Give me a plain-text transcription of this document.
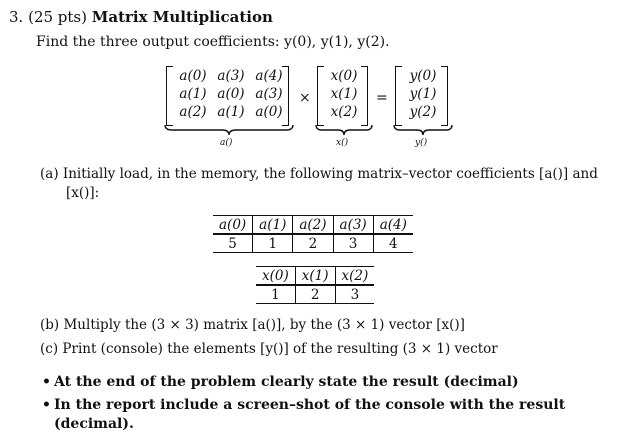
3. (25 pts) Matrix Multiplication
Find the three output coefficients: y(0), y(1), y(2).
a(0) a(3) a(4)
a(1) a(0) a(3)
a(2) a(1) a(0)
×
x(0)
x(1)
x(2)
=
y(0)
y(1)
y(2)
a()	x()	y()
(a) Initially load, in the memory, the following matrix–vector coefficients [a()] and
[x()]:
a(0)	a(1)	a(2)	a(3)	a(4)
5	1	2	3	4
x(0)	x(1)	x(2)
1	2	3
(b) Multiply the (3 × 3) matrix [a()], by the (3 × 1) vector [x()]
(c) Print (console) the elements [y()] of the resulting (3 × 1) vector
• At the end of the problem clearly state the result (decimal)
• In the report include a screen–shot of the console with the result
(decimal).
